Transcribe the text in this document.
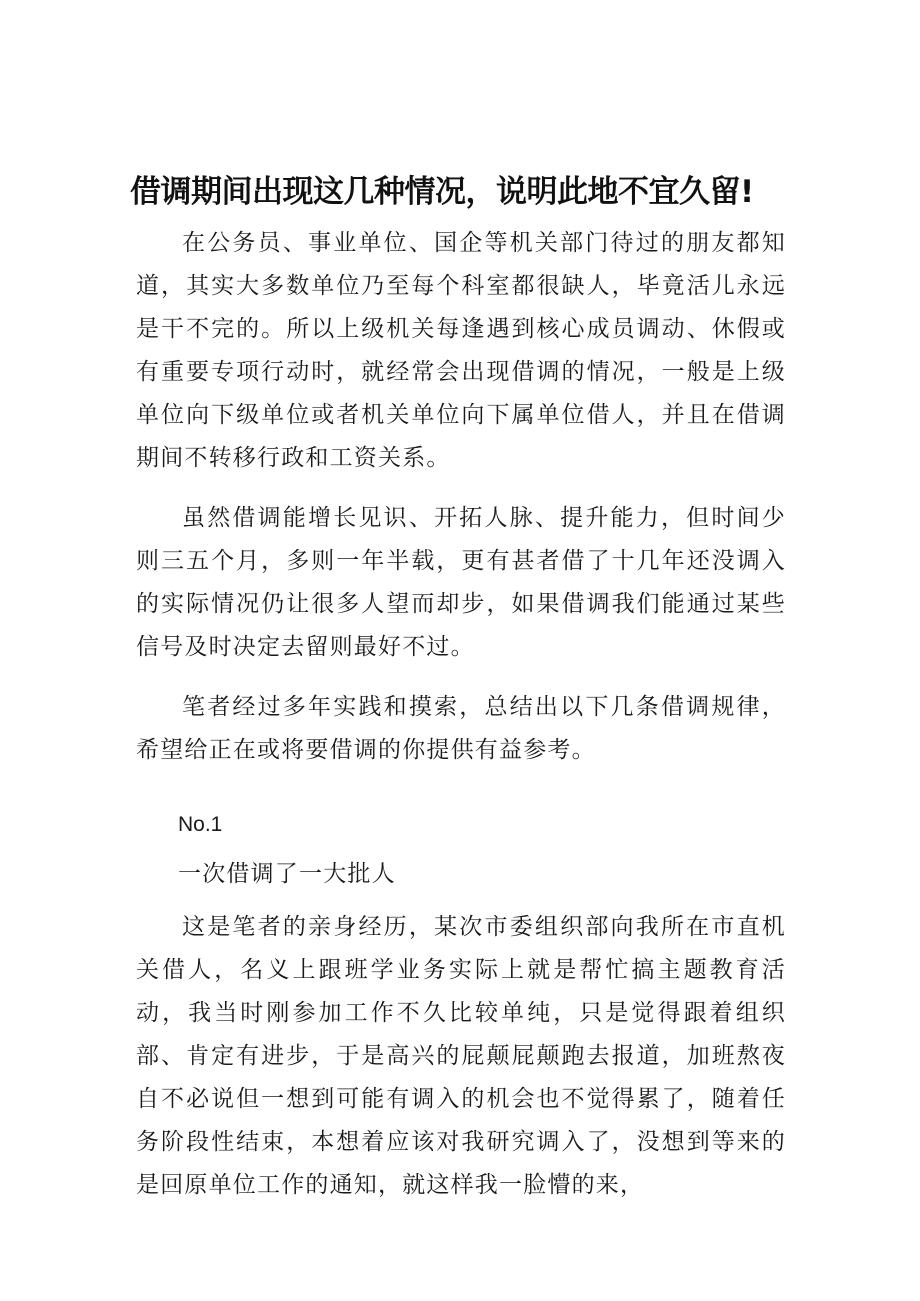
借调期间出现这几种情况，说明此地不宜久留!

在公务员、事业单位、国企等机关部门待过的朋友都知道，其实大多数单位乃至每个科室都很缺人，毕竟活儿永远是干不完的。所以上级机关每逢遇到核心成员调动、休假或有重要专项行动时，就经常会出现借调的情况，一般是上级单位向下级单位或者机关单位向下属单位借人，并且在借调期间不转移行政和工资关系。

虽然借调能增长见识、开拓人脉、提升能力，但时间少则三五个月，多则一年半载，更有甚者借了十几年还没调入的实际情况仍让很多人望而却步，如果借调我们能通过某些信号及时决定去留则最好不过。

笔者经过多年实践和摸索，总结出以下几条借调规律，希望给正在或将要借调的你提供有益参考。

No.1
一次借调了一大批人

这是笔者的亲身经历，某次市委组织部向我所在市直机关借人，名义上跟班学业务实际上就是帮忙搞主题教育活动，我当时刚参加工作不久比较单纯，只是觉得跟着组织部、肯定有进步，于是高兴的屁颠屁颠跑去报道，加班熬夜自不必说但一想到可能有调入的机会也不觉得累了，随着任务阶段性结束，本想着应该对我研究调入了，没想到等来的是回原单位工作的通知，就这样我一脸懵的来，
